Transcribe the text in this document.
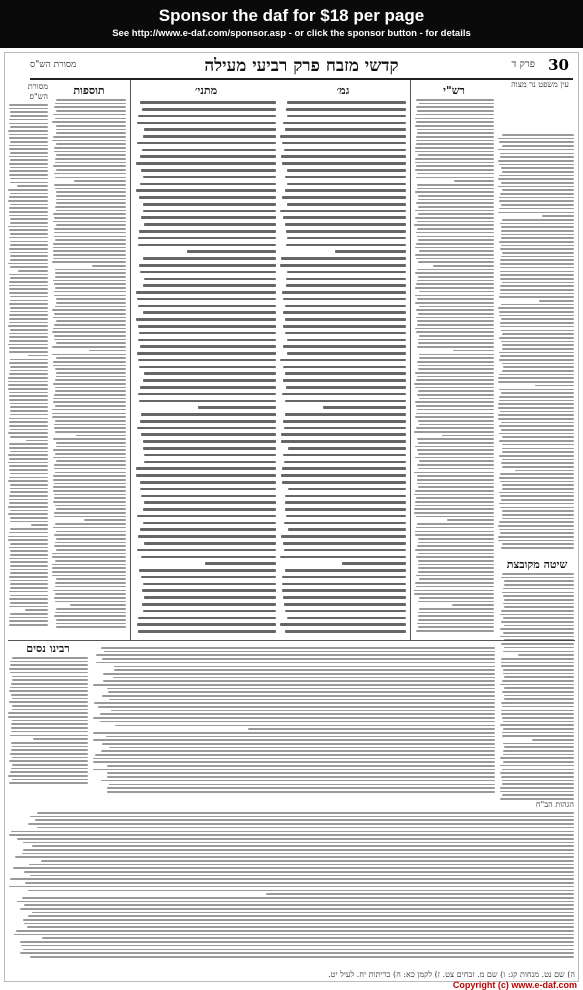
Sponsor the daf for $18 per page
See http://www.e-daf.com/sponsor.asp - or click the sponsor button - for details
מסורת הש"ס	קדשי מזבח פרק רביעי מעילה	פרק ד 30
עין משפט נר מצוה
מסורת הש"ס	תוספות	מתני׳	גמ׳	רש"י
שיטה מקובצת
רבינו נסים
הגהות הב"ח
ה) שם נט. מנחות קג: ו) שם מ. זבחים צט. ז) לקמן כא: ח) כריתות יח. לעיל יט.
Copyright (c) www.e-daf.com
